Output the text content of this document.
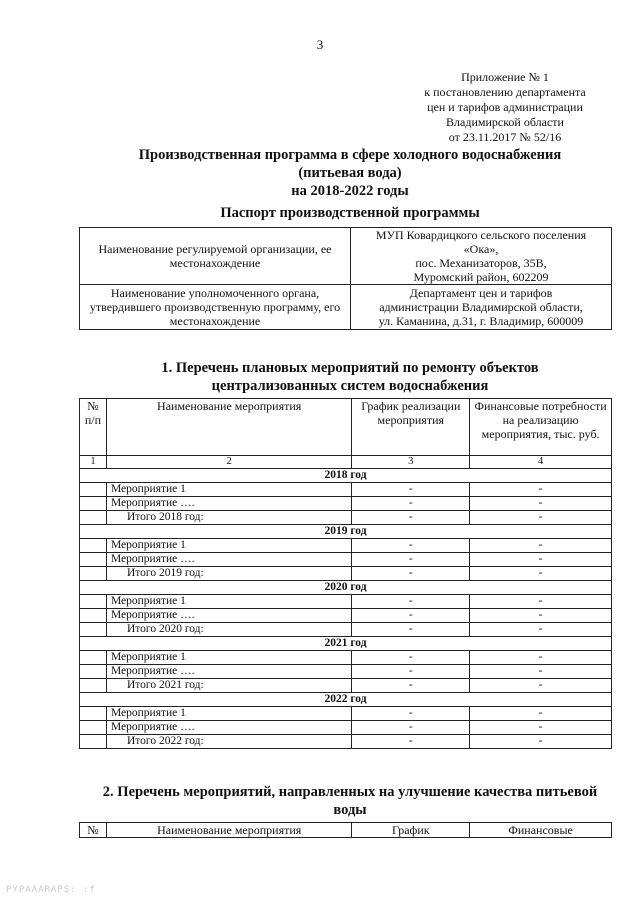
3
Приложение № 1
к постановлению департамента
цен и тарифов администрации
Владимирской области
от 23.11.2017 № 52/16
Производственная программа в сфере холодного водоснабжения
(питьевая вода)
на 2018-2022 годы
Паспорт производственной программы
Наименование регулируемой организации, ее местонахождение	МУП Ковардицкого сельского поселения
«Ока»,
пос. Механизаторов, 35В,
Муромский район, 602209

Наименование уполномоченного органа, утвердившего производственную программу, его местонахождение	Департамент цен и тарифов
администрации Владимирской области,
ул. Каманина, д.31, г. Владимир, 600009
1. Перечень плановых мероприятий по ремонту объектов
централизованных систем водоснабжения
№ п/п	Наименование мероприятия	График реализации мероприятия	Финансовые потребности на реализацию мероприятия, тыс. руб.
1	2	3	4
2018 год			
	Мероприятие 1	-	-
	Мероприятие ….	-	-
	Итого 2018 год:	-	-
2019 год			
	Мероприятие 1	-	-
	Мероприятие ….	-	-
	Итого 2019 год:	-	-
2020 год			
	Мероприятие 1	-	-
	Мероприятие ….	-	-
	Итого 2020 год:	-	-
2021 год			
	Мероприятие 1	-	-
	Мероприятие ….	-	-
	Итого 2021 год:	-	-
2022 год			
	Мероприятие 1	-	-
	Мероприятие ….	-	-
	Итого 2022 год:	-	-
2. Перечень мероприятий, направленных на улучшение качества питьевой
воды
№	Наименование мероприятия	График	Финансовые
PYPAAARAPS: :f
